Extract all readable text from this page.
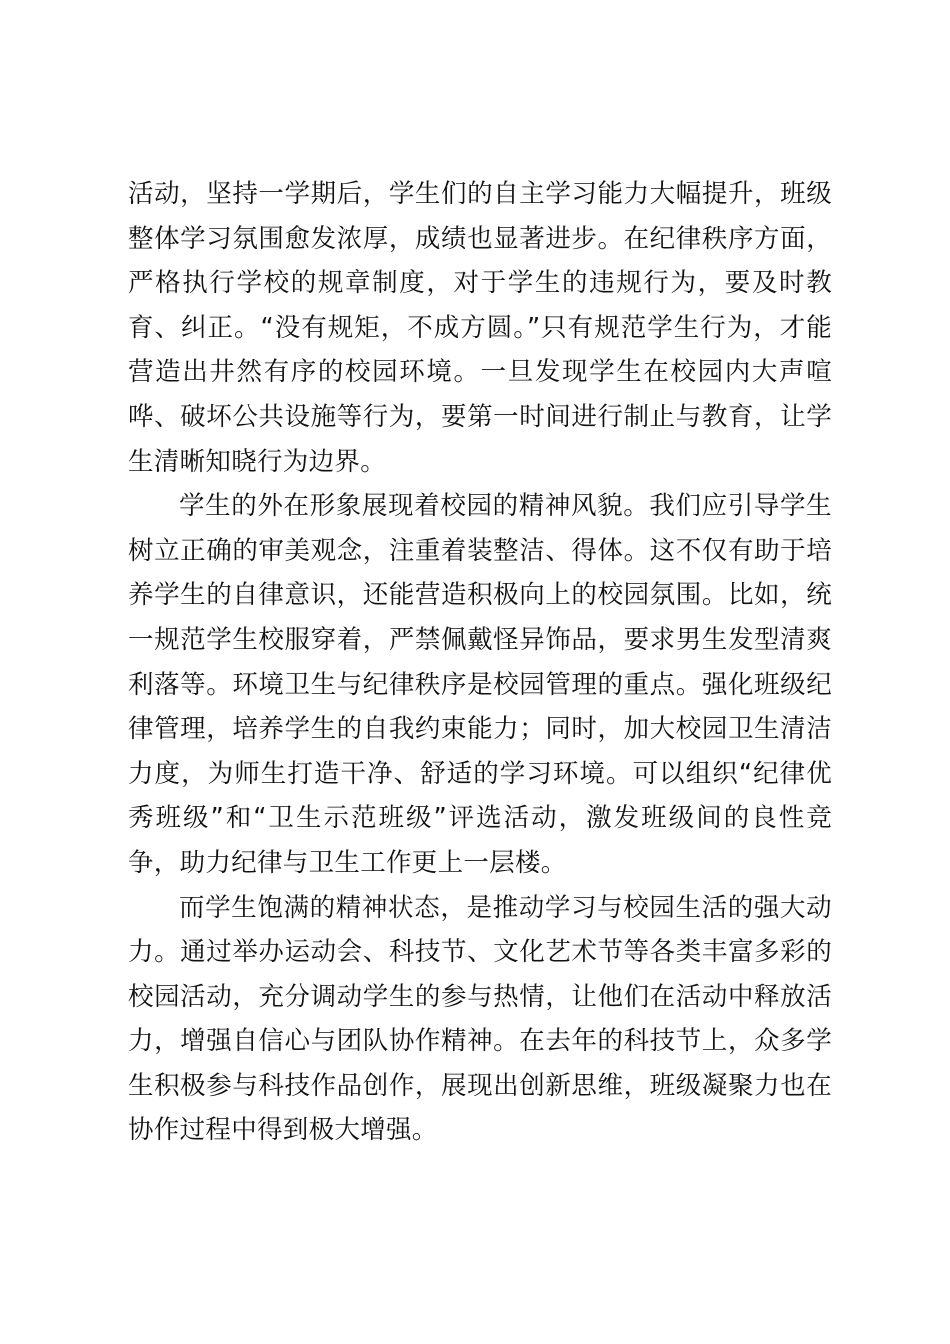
活动，坚持一学期后，学生们的自主学习能力大幅提升，班级整体学习氛围愈发浓厚，成绩也显著进步。在纪律秩序方面，严格执行学校的规章制度，对于学生的违规行为，要及时教育、纠正。“没有规矩，不成方圆。”只有规范学生行为，才能营造出井然有序的校园环境。一旦发现学生在校园内大声喧哗、破坏公共设施等行为，要第一时间进行制止与教育，让学生清晰知晓行为边界。

学生的外在形象展现着校园的精神风貌。我们应引导学生树立正确的审美观念，注重着装整洁、得体。这不仅有助于培养学生的自律意识，还能营造积极向上的校园氛围。比如，统一规范学生校服穿着，严禁佩戴怪异饰品，要求男生发型清爽利落等。环境卫生与纪律秩序是校园管理的重点。强化班级纪律管理，培养学生的自我约束能力；同时，加大校园卫生清洁力度，为师生打造干净、舒适的学习环境。可以组织“纪律优秀班级”和“卫生示范班级”评选活动，激发班级间的良性竞争，助力纪律与卫生工作更上一层楼。

而学生饱满的精神状态，是推动学习与校园生活的强大动力。通过举办运动会、科技节、文化艺术节等各类丰富多彩的校园活动，充分调动学生的参与热情，让他们在活动中释放活力，增强自信心与团队协作精神。在去年的科技节上，众多学生积极参与科技作品创作，展现出创新思维，班级凝聚力也在协作过程中得到极大增强。
